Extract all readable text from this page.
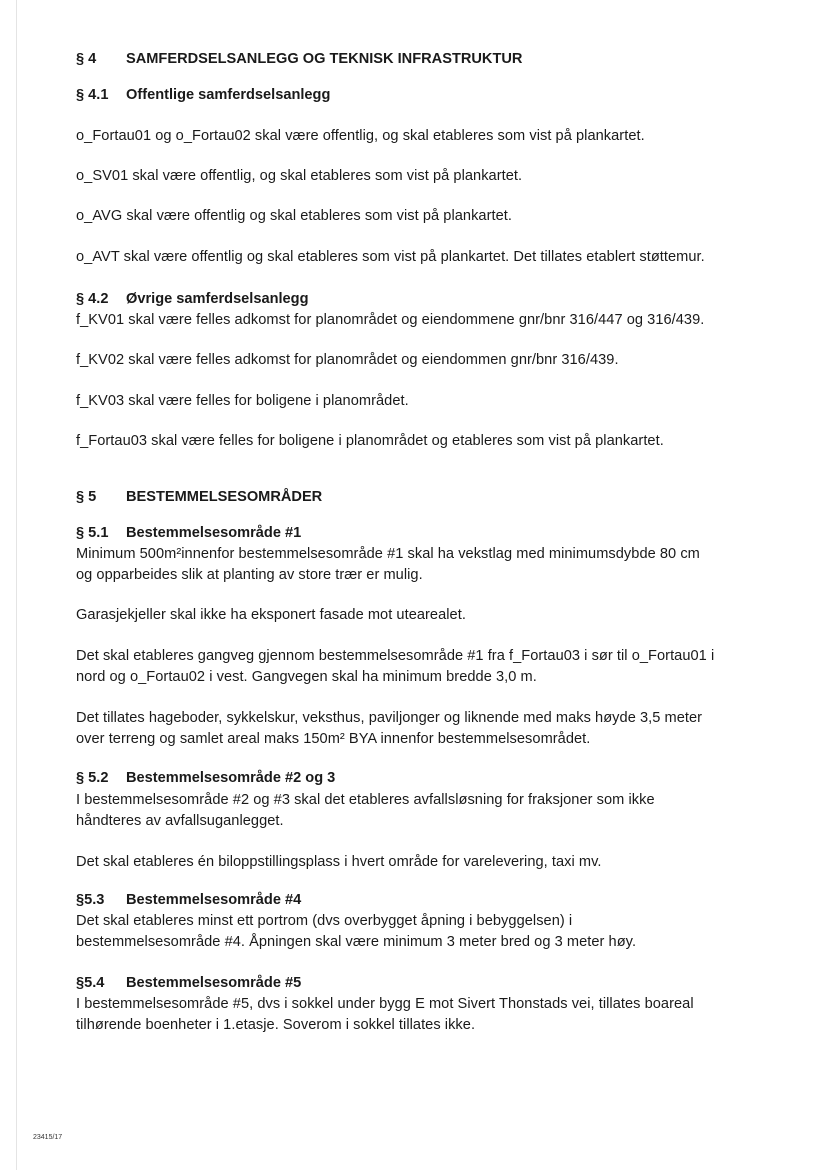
§ 4 SAMFERDSELSANLEGG OG TEKNISK INFRASTRUKTUR
§ 4.1 Offentlige samferdselsanlegg
o_Fortau01 og o_Fortau02 skal være offentlig, og skal etableres som vist på plankartet.
o_SV01 skal være offentlig, og skal etableres som vist på plankartet.
o_AVG skal være offentlig og skal etableres som vist på plankartet.
o_AVT skal være offentlig og skal etableres som vist på plankartet. Det tillates etablert støttemur.
§ 4.2 Øvrige samferdselsanlegg
f_KV01 skal være felles adkomst for planområdet og eiendommene gnr/bnr 316/447 og 316/439.
f_KV02 skal være felles adkomst for planområdet og eiendommen gnr/bnr 316/439.
f_KV03 skal være felles for boligene i planområdet.
f_Fortau03 skal være felles for boligene i planområdet og etableres som vist på plankartet.
§ 5 BESTEMMELSESOMRÅDER
§ 5.1 Bestemmelsesområde #1
Minimum 500m²innenfor bestemmelsesområde #1 skal ha vekstlag med minimumsdybde 80 cm
og opparbeides slik at planting av store trær er mulig.
Garasjekjeller skal ikke ha eksponert fasade mot utearealet.
Det skal etableres gangveg gjennom bestemmelsesområde #1 fra f_Fortau03 i sør til o_Fortau01 i
nord og o_Fortau02 i vest. Gangvegen skal ha minimum bredde 3,0 m.
Det tillates hageboder, sykkelskur, veksthus, paviljonger og liknende med maks høyde 3,5 meter
over terreng og samlet areal maks 150m² BYA innenfor bestemmelsesområdet.
§ 5.2 Bestemmelsesområde #2 og 3
I bestemmelsesområde #2 og #3 skal det etableres avfallsløsning for fraksjoner som ikke
håndteres av avfallsuganlegget.
Det skal etableres én biloppstillingsplass i hvert område for varelevering, taxi mv.
§5.3 Bestemmelsesområde #4
Det skal etableres minst ett portrom (dvs overbygget åpning i bebyggelsen) i
bestemmelsesområde #4. Åpningen skal være minimum 3 meter bred og 3 meter høy.
§5.4 Bestemmelsesområde #5
I bestemmelsesområde #5, dvs i sokkel under bygg E mot Sivert Thonstads vei, tillates boareal
tilhørende boenheter i 1.etasje. Soverom i sokkel tillates ikke.
23415/17
